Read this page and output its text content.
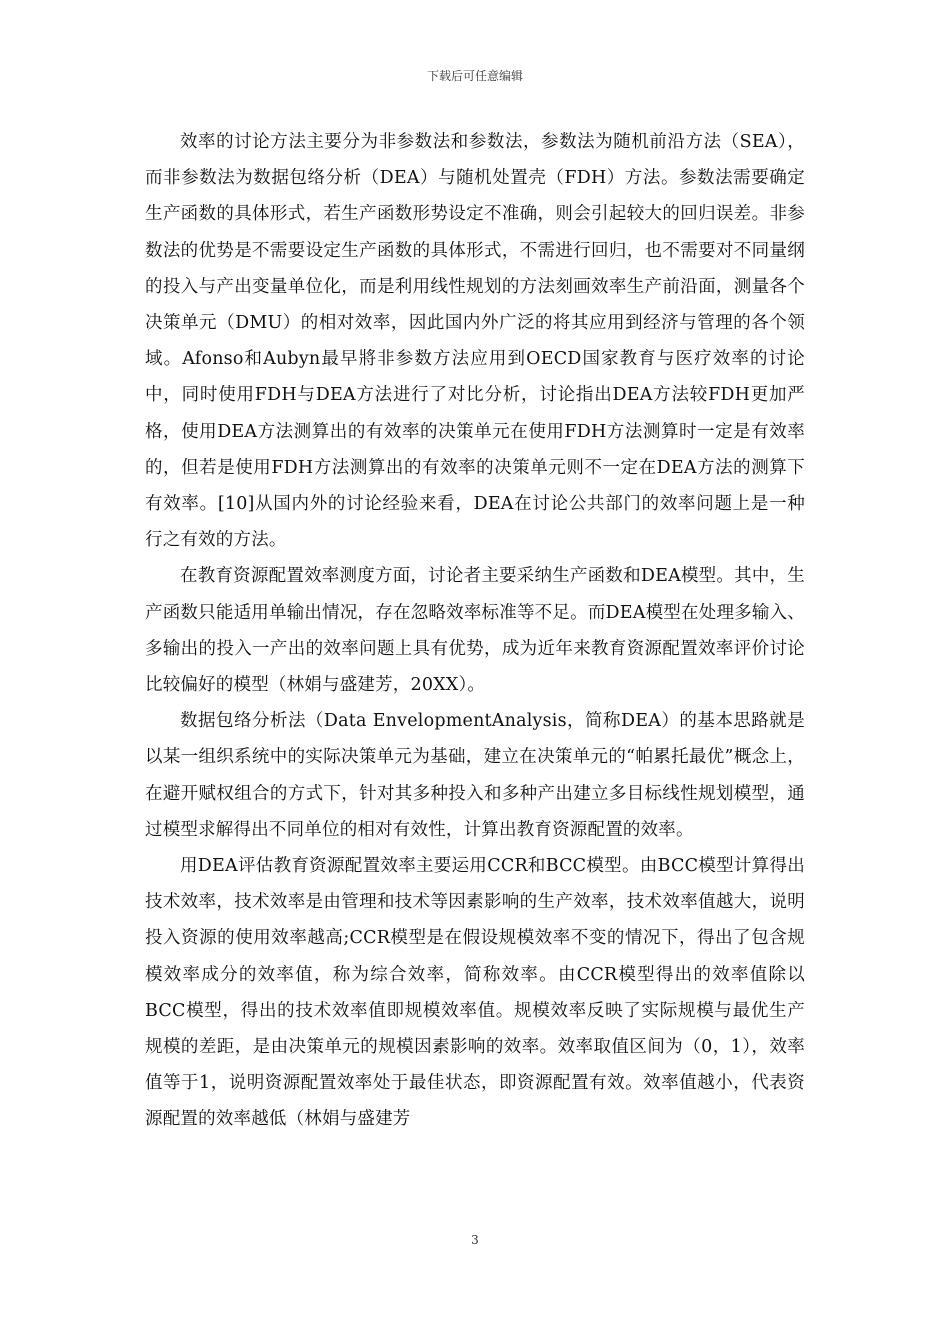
下载后可任意编辑

效率的讨论方法主要分为非参数法和参数法，参数法为随机前沿方法（SEA），而非参数法为数据包络分析（DEA）与随机处置壳（FDH）方法。参数法需要确定生产函数的具体形式，若生产函数形势设定不准确，则会引起较大的回归误差。非参数法的优势是不需要设定生产函数的具体形式，不需进行回归，也不需要对不同量纲的投入与产出变量单位化，而是利用线性规划的方法刻画效率生产前沿面，测量各个决策单元（DMU）的相对效率，因此国内外广泛的将其应用到经济与管理的各个领域。Afonso和Aubyn最早將非参数方法应用到OECD国家教育与医疗效率的讨论中，同时使用FDH与DEA方法进行了对比分析，讨论指出DEA方法较FDH更加严格，使用DEA方法测算出的有效率的决策单元在使用FDH方法测算时一定是有效率的，但若是使用FDH方法测算出的有效率的决策单元则不一定在DEA方法的测算下有效率。[10]从国内外的讨论经验来看，DEA在讨论公共部门的效率问题上是一种行之有效的方法。

在教育资源配置效率测度方面，讨论者主要采纳生产函数和DEA模型。其中，生产函数只能适用单输出情况，存在忽略效率标准等不足。而DEA模型在处理多输入、多输出的投入一产出的效率问题上具有优势，成为近年来教育资源配置效率评价讨论比较偏好的模型（林娟与盛建芳，20XX）。

数据包络分析法（Data EnvelopmentAnalysis，简称DEA）的基本思路就是以某一组织系统中的实际决策单元为基础，建立在决策单元的“帕累托最优”概念上，在避开赋权组合的方式下，针对其多种投入和多种产出建立多目标线性规划模型，通过模型求解得出不同单位的相对有效性，计算出教育资源配置的效率。

用DEA评估教育资源配置效率主要运用CCR和BCC模型。由BCC模型计算得出技术效率，技术效率是由管理和技术等因素影响的生产效率，技术效率值越大，说明投入资源的使用效率越高;CCR模型是在假设规模效率不变的情况下，得出了包含规模效率成分的效率值，称为综合效率，简称效率。由CCR模型得出的效率值除以BCC模型，得出的技术效率值即规模效率值。规模效率反映了实际规模与最优生产规模的差距，是由决策单元的规模因素影响的效率。效率取值区间为（0，1），效率值等于1，说明资源配置效率处于最佳状态，即资源配置有效。效率值越小，代表资源配置的效率越低（林娟与盛建芳

3
